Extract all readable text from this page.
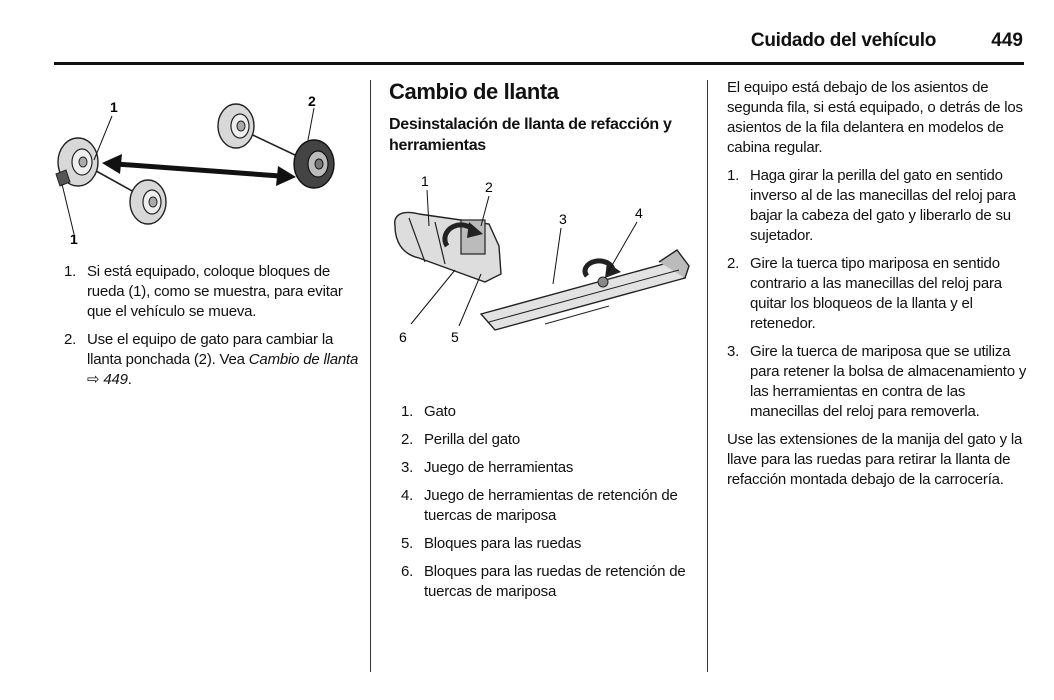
Cuidado del vehículo	449
1	2
1
1. Si está equipado, coloque bloques de rueda (1), como se muestra, para evitar que el vehículo se mueva.
2. Use el equipo de gato para cambiar la llanta ponchada (2). Vea Cambio de llanta
⇨ 449.
Cambio de llanta
Desinstalación de llanta de refacción y herramientas
1	2
3	4
5
6
1. Gato
2. Perilla del gato
3. Juego de herramientas
4. Juego de herramientas de retención de tuercas de mariposa
5. Bloques para las ruedas
6. Bloques para las ruedas de retención de tuercas de mariposa

El equipo está debajo de los asientos de segunda fila, si está equipado, o detrás de los asientos de la fila delantera en modelos de cabina regular.

1. Haga girar la perilla del gato en sentido inverso al de las manecillas del reloj para bajar la cabeza del gato y liberarlo de su sujetador.
2. Gire la tuerca tipo mariposa en sentido contrario a las manecillas del reloj para quitar los bloqueos de la llanta y el retenedor.
3. Gire la tuerca de mariposa que se utiliza para retener la bolsa de almacenamiento y las herramientas en contra de las manecillas del reloj para removerla.

Use las extensiones de la manija del gato y la llave para las ruedas para retirar la llanta de refacción montada debajo de la carrocería.
